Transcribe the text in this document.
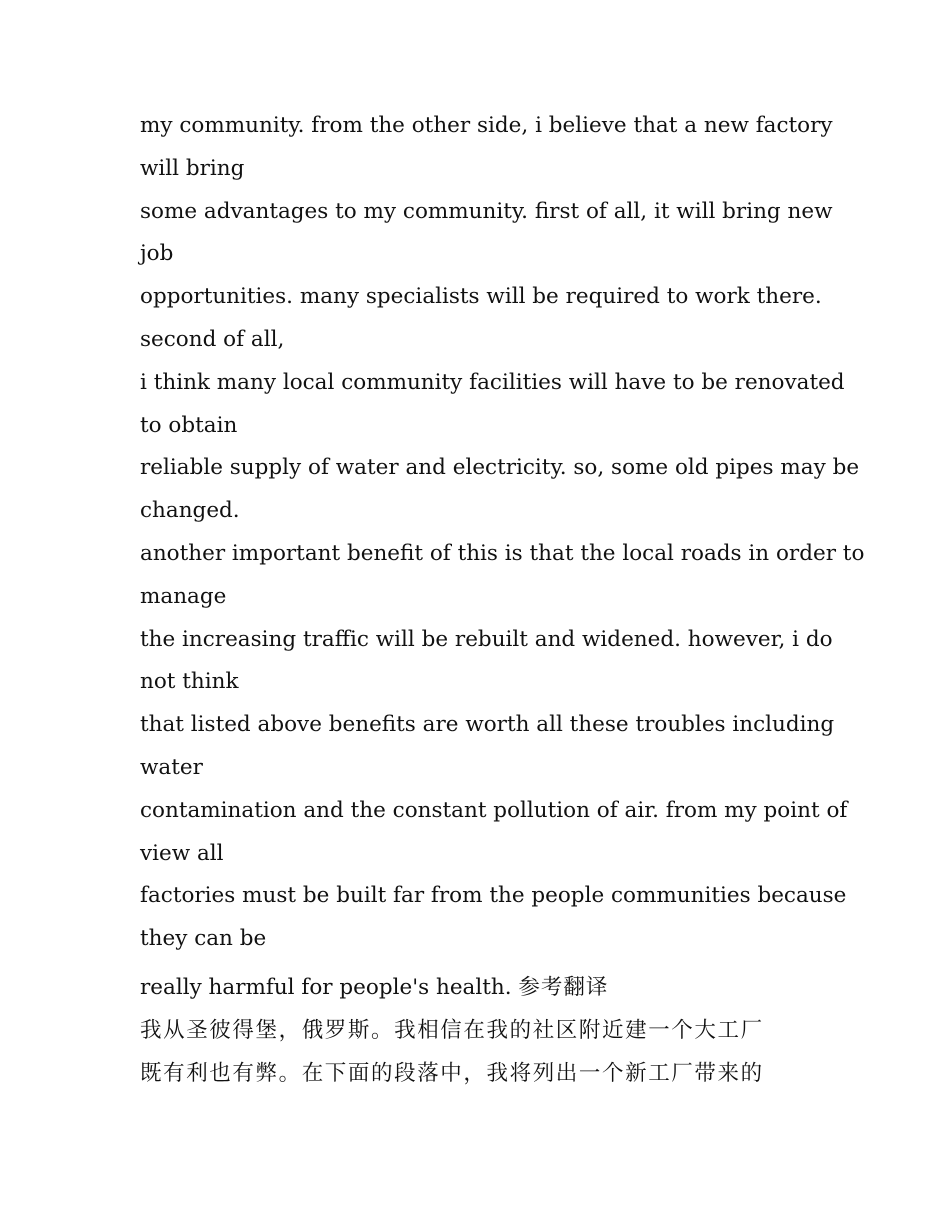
my community. from the other side, i believe that a new factory
will bring
some advantages to my community. first of all, it will bring new
job
opportunities. many specialists will be required to work there.
second of all,
i think many local community facilities will have to be renovated
to obtain
reliable supply of water and electricity. so, some old pipes may be
changed.
another important benefit of this is that the local roads in order to
manage
the increasing traffic will be rebuilt and widened. however, i do
not think
that listed above benefits are worth all these troubles including
water
contamination and the constant pollution of air. from my point of
view all
factories must be built far from the people communities because
they can be
really harmful for people's health. 参考翻译
我从圣彼得堡，俄罗斯。我相信在我的社区附近建一个大工厂
既有利也有弊。在下面的段落中，我将列出一个新工厂带来的
